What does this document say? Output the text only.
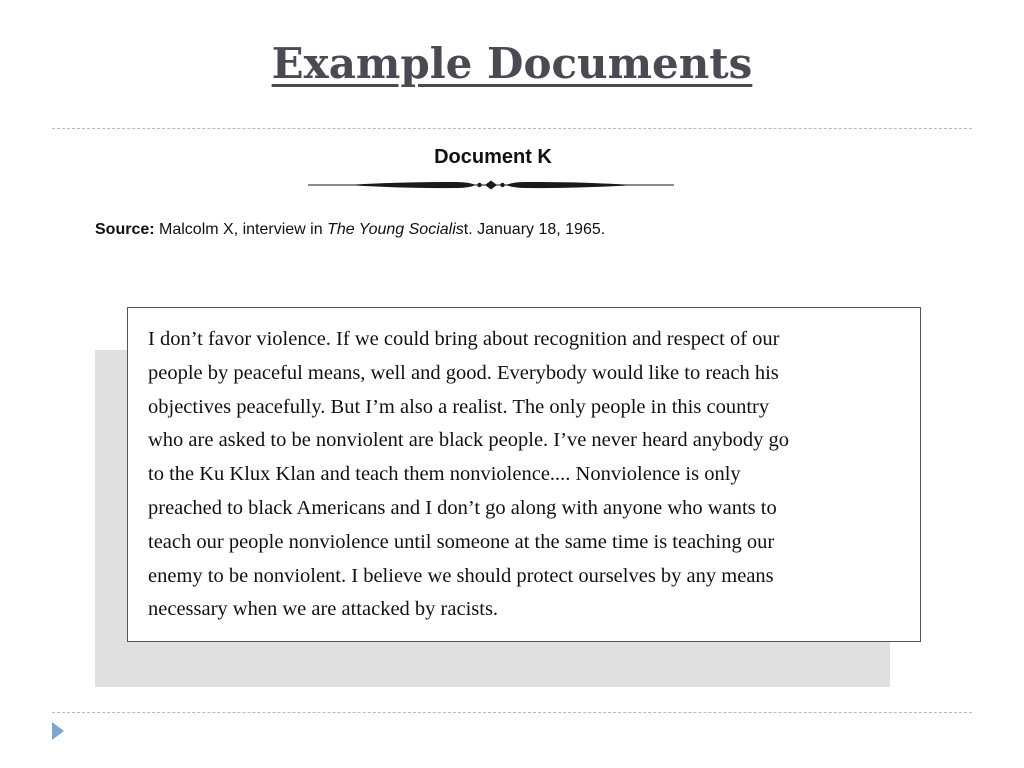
Example Documents
Document K
Source: Malcolm X, interview in The Young Socialist. January 18, 1965.

I don’t favor violence. If we could bring about recognition and respect of our
people by peaceful means, well and good. Everybody would like to reach his
objectives peacefully. But I’m also a realist. The only people in this country
who are asked to be nonviolent are black people. I’ve never heard anybody go
to the Ku Klux Klan and teach them nonviolence.... Nonviolence is only
preached to black Americans and I don’t go along with anyone who wants to
teach our people nonviolence until someone at the same time is teaching our
enemy to be nonviolent. I believe we should protect ourselves by any means
necessary when we are attacked by racists.
